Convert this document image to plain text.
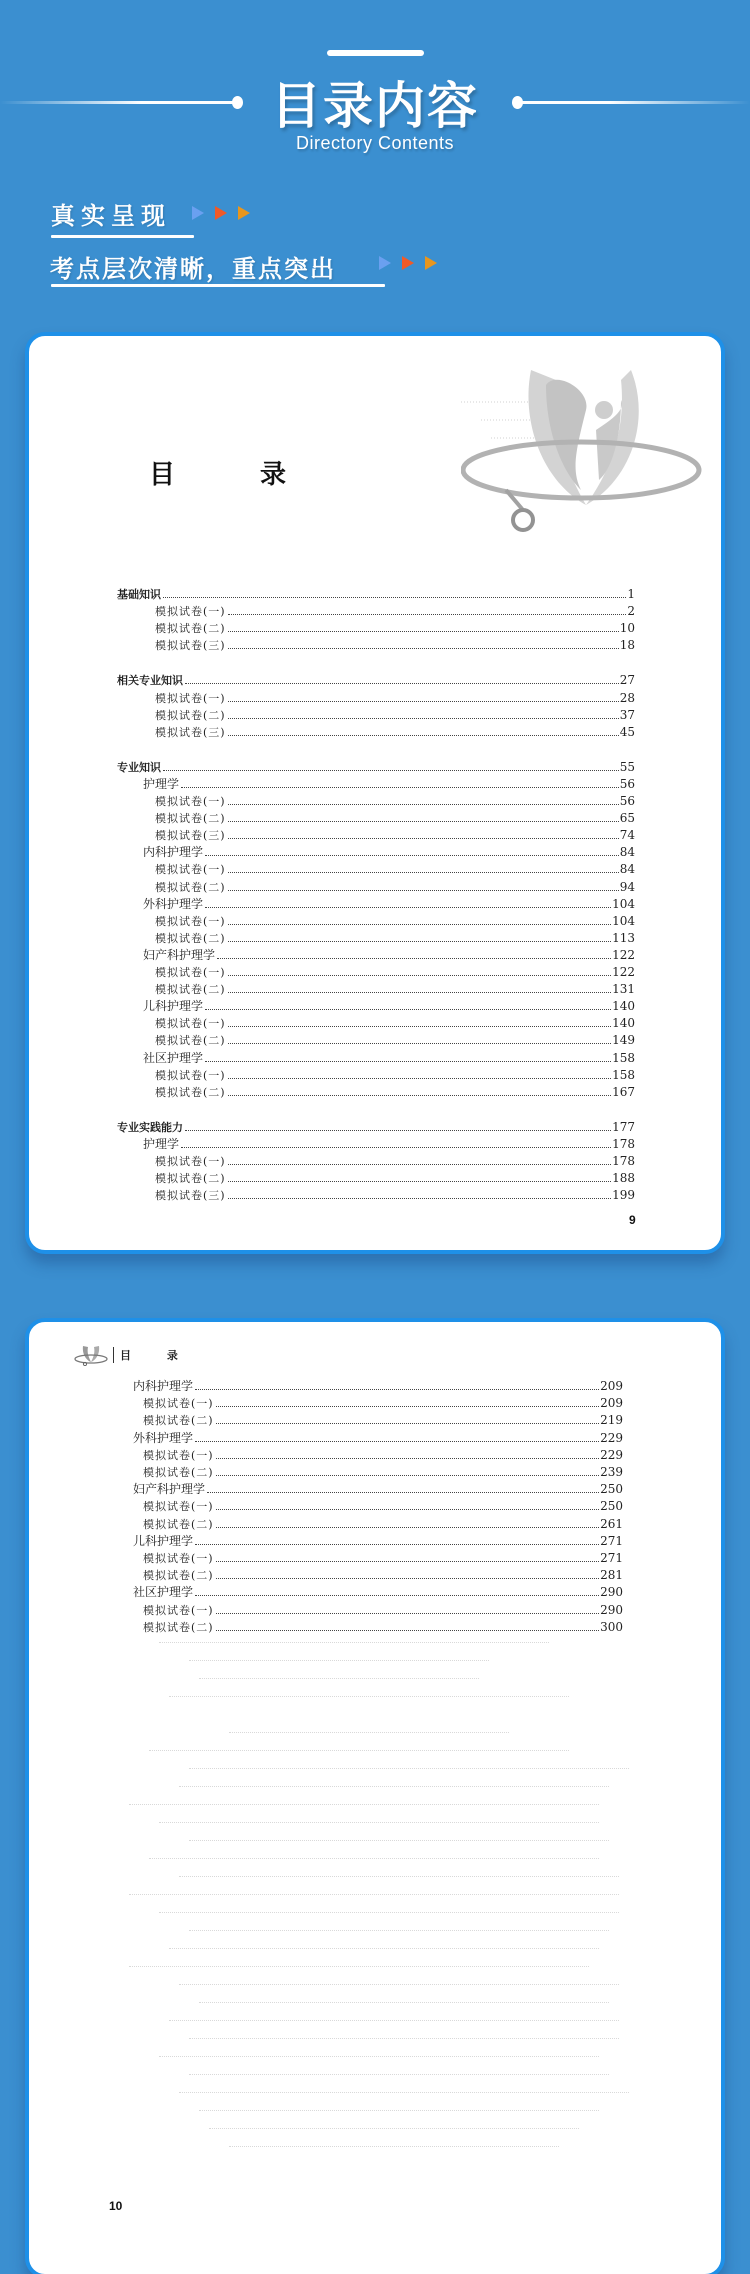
目录内容
Directory Contents
真实呈现
考点层次清晰，重点突出
目 录
基础知识	1
模拟试卷(一)	2
模拟试卷(二)	10
模拟试卷(三)	18
相关专业知识	27
模拟试卷(一)	28
模拟试卷(二)	37
模拟试卷(三)	45
专业知识	55
护理学	56
模拟试卷(一)	56
模拟试卷(二)	65
模拟试卷(三)	74
内科护理学	84
模拟试卷(一)	84
模拟试卷(二)	94
外科护理学	104
模拟试卷(一)	104
模拟试卷(二)	113
妇产科护理学	122
模拟试卷(一)	122
模拟试卷(二)	131
儿科护理学	140
模拟试卷(一)	140
模拟试卷(二)	149
社区护理学	158
模拟试卷(一)	158
模拟试卷(二)	167
专业实践能力	177
护理学	178
模拟试卷(一)	178
模拟试卷(二)	188
模拟试卷(三)	199
9
目 录
内科护理学	209
模拟试卷(一)	209
模拟试卷(二)	219
外科护理学	229
模拟试卷(一)	229
模拟试卷(二)	239
妇产科护理学	250
模拟试卷(一)	250
模拟试卷(二)	261
儿科护理学	271
模拟试卷(一)	271
模拟试卷(二)	281
社区护理学	290
模拟试卷(一)	290
模拟试卷(二)	300
10
